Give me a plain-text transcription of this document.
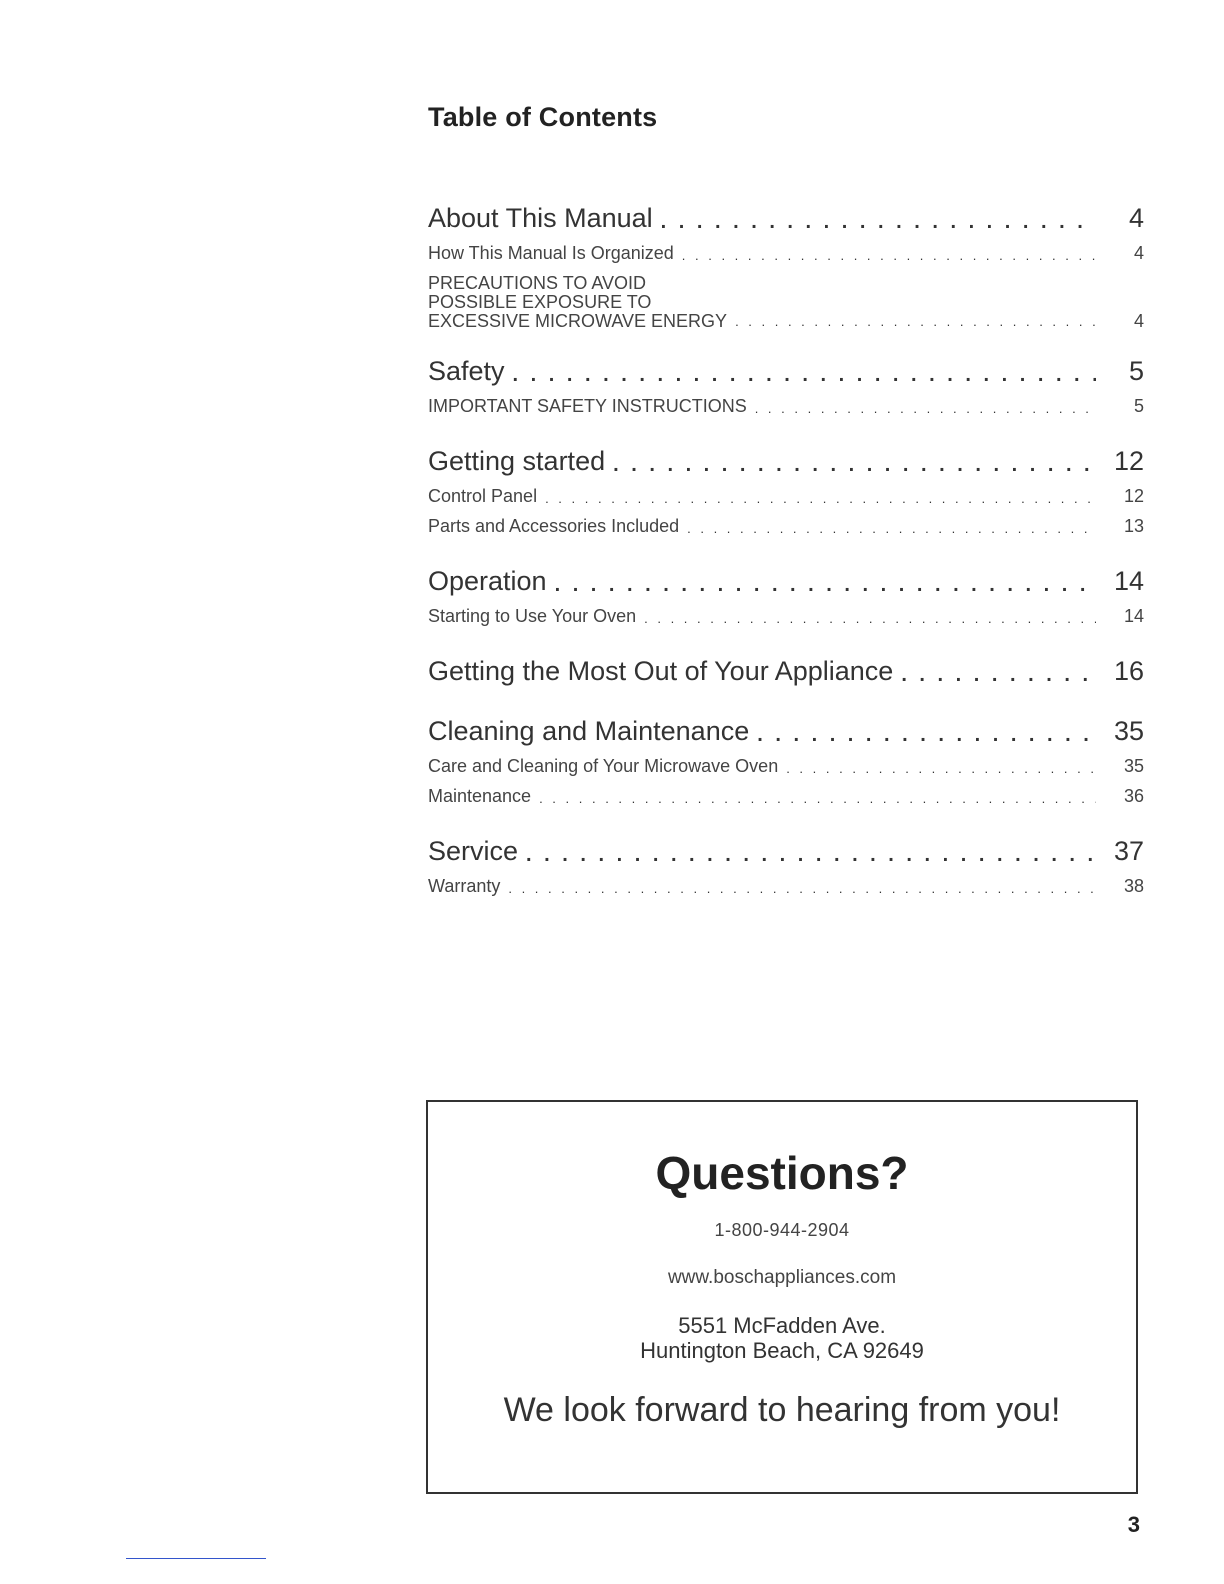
Table of Contents
About This Manual . . .	4
How This Manual Is Organized . . .	4
PRECAUTIONS TO AVOID
POSSIBLE EXPOSURE TO
EXCESSIVE MICROWAVE ENERGY . . .	4
Safety . . .	5
IMPORTANT SAFETY INSTRUCTIONS . . .	5
Getting started . . .	12
Control Panel . . .	12
Parts and Accessories Included . . .	13
Operation . . .	14
Starting to Use Your Oven . . .	14
Getting the Most Out of Your Appliance . . .	16
Cleaning and Maintenance . . .	35
Care and Cleaning of Your Microwave Oven . . .	35
Maintenance . . .	36
Service . . .	37
Warranty . . .	38
Questions?
1-800-944-2904
www.boschappliances.com
5551 McFadden Ave.
Huntington Beach, CA 92649
We look forward to hearing from you!
3
